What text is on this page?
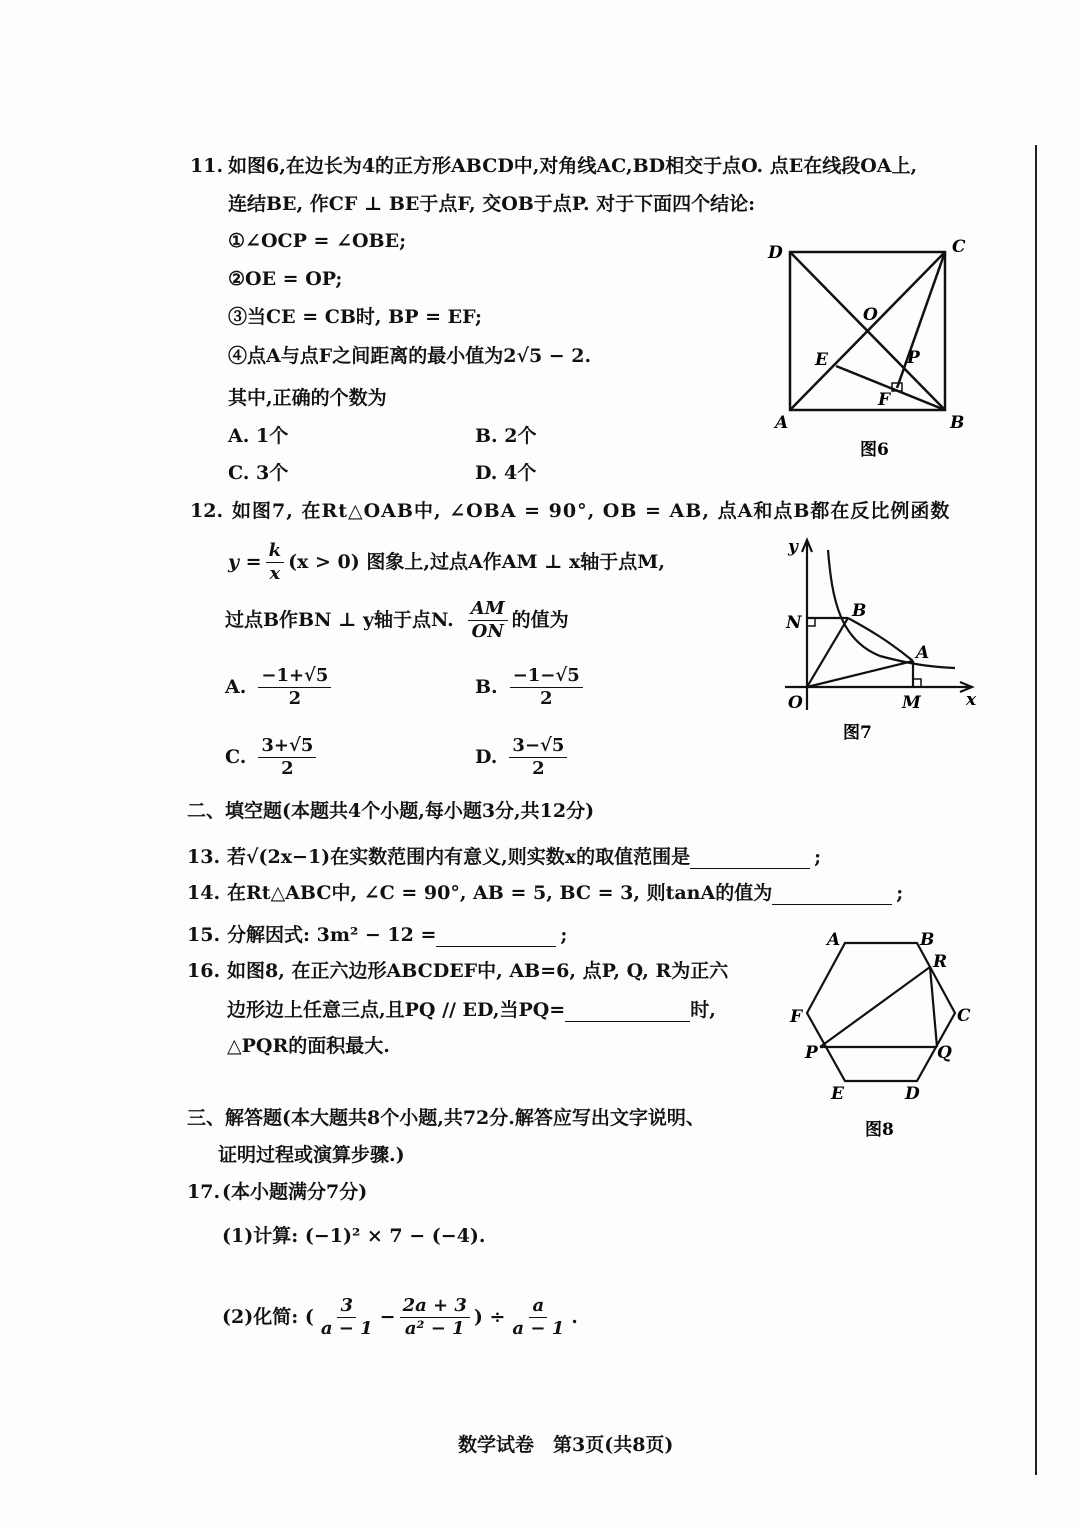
11. 如图6,在边长为4的正方形ABCD中,对角线AC,BD相交于点O. 点E在线段OA上,
连结BE, 作CF ⊥ BE于点F, 交OB于点P. 对于下面四个结论:
①∠OCP = ∠OBE;
②OE = OP;
③当CE = CB时, BP = EF;
④点A与点F之间距离的最小值为2√5 − 2.
其中,正确的个数为
A. 1个	B. 2个
C. 3个	D. 4个
D	C
O
E	P
F
A	B
图6
12. 如图7, 在Rt△OAB中, ∠OBA = 90°, OB = AB, 点A和点B都在反比例函数
$y = \frac{k}{x} (x > 0)$ 图象上,过点A作AM ⊥ x轴于点M,
过点B作BN ⊥ y轴于点N. $\frac{AM}{ON}$ 的值为
A. $\frac{-1+√5}{2}$	B. $\frac{-1-√5}{2}$
C. $\frac{3+√5}{2}$	D. $\frac{3-√5}{2}$
y
N
B
A
O	M	x
图7
二、填空题(本题共4个小题,每小题3分,共12分)
13. 若√(2x−1)在实数范围内有意义,则实数x的取值范围是	;
14. 在Rt△ABC中, ∠C = 90°, AB = 5, BC = 3, 则tanA的值为	;
15. 分解因式: 3m² − 12 =	;
16. 如图8, 在正六边形ABCDEF中, AB=6, 点P, Q, R为正六
边形边上任意三点,且PQ // ED,当PQ=	时,
△PQR的面积最大.
A	B
R
F	C
P	Q
E	D
图8
三、解答题(本大题共8个小题,共72分.解答应写出文字说明、
证明过程或演算步骤.)
17. (本小题满分7分)
(1)计算: (−1)² × 7 − (−4).
(2)化简: ( $\frac{3}{a - 1} - \frac{2a + 3}{\text{a² − 1}}$ ) ÷ $\frac{a}{a - 1}$ .
数学试卷　第3页(共8页)
